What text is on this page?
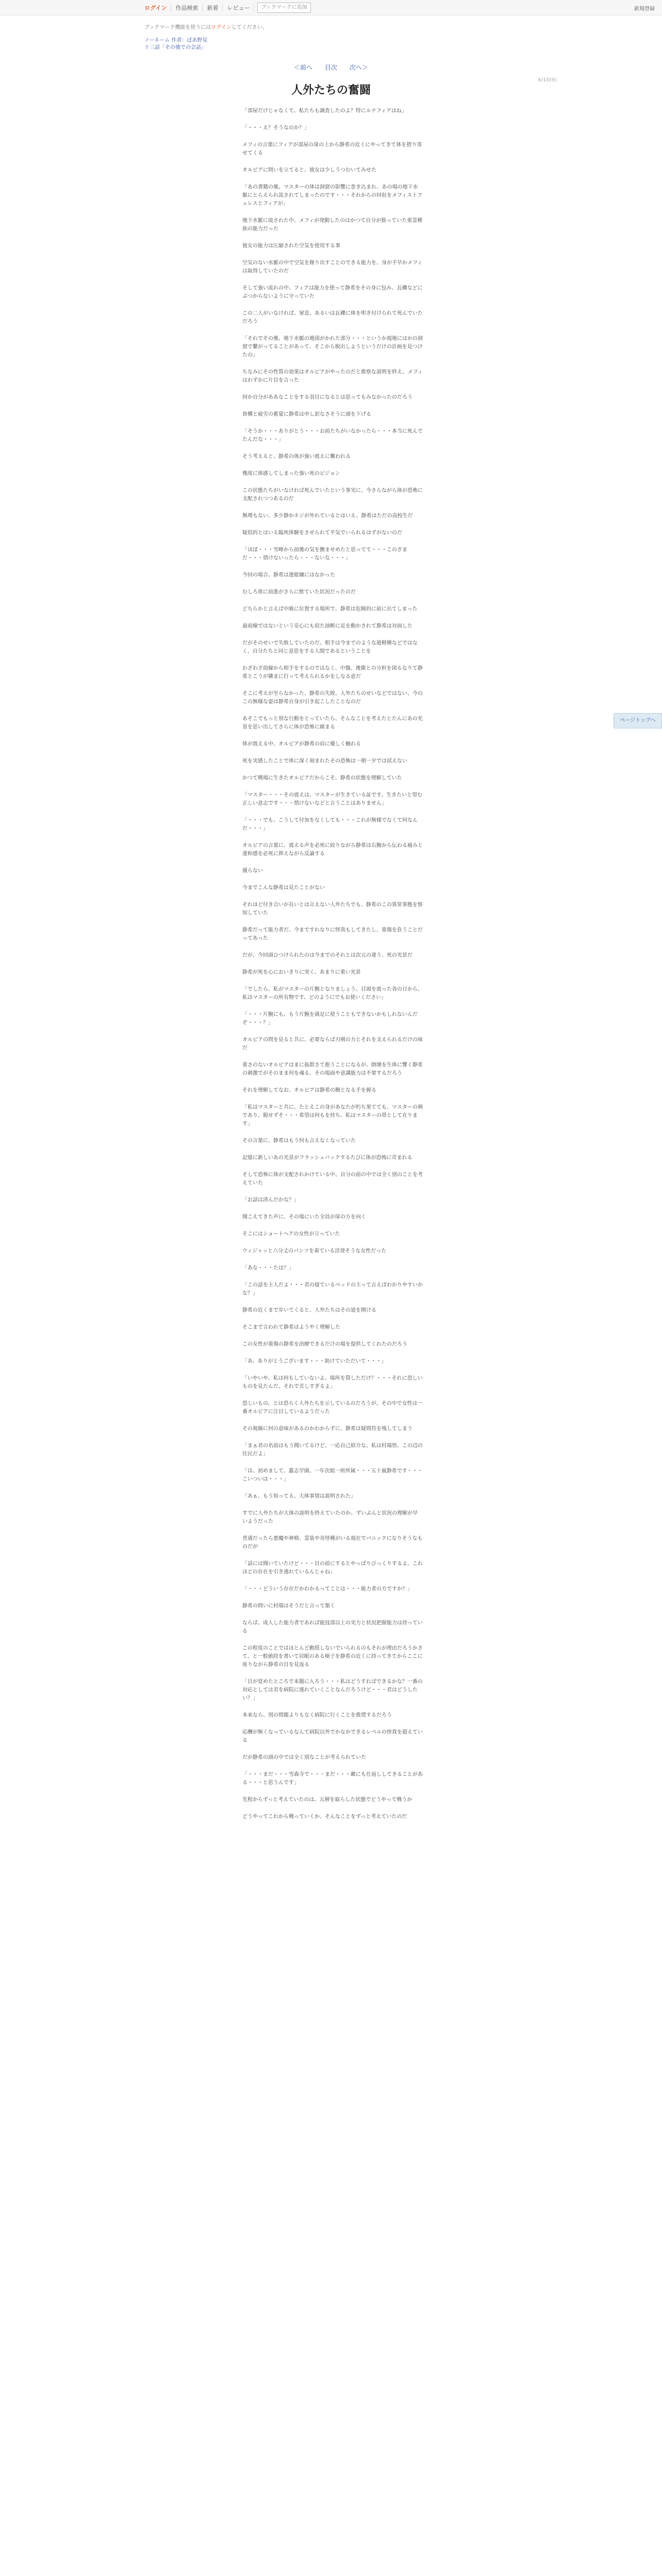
ログイン	作品検索	新着	レビュー	ブックマークに追加	新規登録
ブックマーク機能を使うにはログインしてください。
ノーネーム 作者：ぼあ野見
十三話「その後での会話」
＜前へ 目次 次へ＞
6/10(9)
人外たちの奮闘

「部屋だけじゃなくて、私たちも調査したのよ？特にルナフィアはね」

「・・・え？そうなのか？」

メフィの言葉にフィアが部屋の扉の上から静希の近くにやってきて体を摺り寄せてくる

オルビアに問いを立てると、彼女は少しうつむいてみせた

「あの書籍の後、マスターの体は洞窟の影響に巻き込まれ、あの場の地下水脈にとらえられ流されてしまったのです・・・それからの回収をメフィストフェレスとフィアが」

地下水脈に流された中、メフィが発動したのはかつて自分が扱っていた重霊種族の能力だった

彼女の能力は圧縮された空気を使用する事

空気のない水脈の中で空気を創り出すことのできる能力を、身が手早かメフィは取得していたのだ

そして強い流れの中、フィアは能力を使って静希をその身に包み、瓦礫などにぶつからないように守っていた

この二人がいなければ、窒息、あるいは瓦礫に体を叩き付けられて死んでいただろう

「それでその後、地下水脈の地図がかれた部分・・・というか現地にはかの洞窟で繋がってることがあって、そこから脱出しようというだけの計画を見つけたの」

ちなみにその性質の効果はオルビアがやったのだと推察な説明を終え、メフィはわずかに片目を言った

何か自分がああなことをする羽目になるとは思ってもみなかったのだろう

皆構と疲労の蓄量に静希は申し訳なさそうに頭を下げる

「そうか・・・ありがとう・・・お前たちがいなかったら・・・本当に死んでたんだな・・・」

そう考えると、静希の体が強い震えに襲われる

幾度に体感してしまった強い死のビジョン

この状態たちがいなければ死んでいたという事実に、今さらながら体が恐怖に支配されつつあるのだ

無理もない、多少静かネジが外れているとはいえ、静希はただの高校生だ

疑似的とはいえ臨死体験をさせられて平気でいられるはずがないのだ

「ほぼ・・・雪峰から前後の気を撫ませめたと思ってて・・・このざまだ・・・情けないったら・・・ないな・・・」

今回の場合、静希は運総嫌にはなかった

むしろ欲に前進がさらに飲ていた状況だったのだ

どちらかと言えば中級に位置する場所で、静希は危険的に前に出てしまった

最前線ではないという安心にも似た油断に足を動かされて静希は対面した

だがそのせいで失敗していたのだ。相手は今までのような遊軽種などではなく、自分たちと同じ意思をする人間であるということを

わざわざ前線から相手をするのではなく、中盤、後衛との分担を図るなりて静希とこうが隣まに打って考えられるかをしなる意だ

そこに考えが至らなかった、静希の失敗、人外たちのせいなどではない、今のこの無様な姿は静希自身が引き起こしたことなのだ

あそこでもっと別な行動をとっていたら、そんなことを考えたとたんにあの光景を思い出してさらに体が恐怖に腐まる

体が震える中、オルビアが静希の肩に優しく触れる

死を実感したことで体に深く刻まれたその恐怖は一朝一夕では拭えない

かつて戦場に生きたオルビアだからこそ、静希の状態を理解していた

「マスター・・・その震えは、マスターが生きている証です、生きたいと望む正しい意志です・・・情けないなどと言うことはありません」

「・・・でも、こうして付加をなくしても・・・これが無様でなくて何なんだ・・・」

オルビアの言葉に、震える声を必死に絞りながら静希は右腕から伝わる痛みと違和感を必死に抑えながら反論する

優らない

今までこんな静希は見たことがない

それほど付き合いが長いとは言えない人外たちでも、静希のこの異常事態を察知していた

静希だって能力者だ、今まですれなりに怪我もしてきたし、重傷を負うことだってあった

だが、今回頭ひつけられたのは今までのそれとは次元の違う、死の光景だ

静希が死を心においきりに突く、あまりに重い光景

「でしたら、私がマスターの片腕となりましょう、目頭を震った各の日から、私はマスターの所有物です、どのようにでもお使いください」

「・・・片腕にも、もう片腕を満足に使うこともできないかもしれないんだぞ・・・？」

オルビアの問を見ると共に、必要ならば刃剣の力とそれを支えられるだけの味だ

重さのないオルビアはまに抜群さて抱うことになるが、倒壊を生体に響く静希の刺激でがそのまま何を魂る、その場面や意識能力は不要するだろう

それを理解してなお、オルビアは静希の腕となる手を握る

「私はマスターと共に、たとえこの身があなたが朽ち果てても、マスターの剣であり、脱せずそ・・・希望は何もを持ち、私はマスターの帯として在ります」

その言葉に、静希はもう何も言えなくなっていた

記憶に新しいあの光景がフラッシュバックするたびに体が恐怖に苛まれる

そして恐怖に体が支配されかけている中、自分の前の中では全く別のことを考えていた

「お話は済んだかな？」

聞こえてきた声に、その場にいた全員が扉の方を向く

そこにはショートヘアの女性が立っていた

ウィジャッと六分丈のパンツを着ている活発そうな女性だった

「あな・・・たは？」

「この話を主人だよ・・・君の寝ているベッドの主って言えばわかりやすいかな？」

静希の近くまで歩いてくると、人外たちはその道を開ける

そこまで言われて静希はようやく理解した

この女性が重傷の静希を治療できるだけの場を提供してくれたのだろう

「あ、ありがとうございます・・・助けていただいて・・・」

「いやいや、私は何もしていないよ、場所を貸しただけ？・・・それに恐しいものを見たんだ、それで苦しすぎるよ」

恐しいもの、とは恐らく人外たちを示しているのだろうが、その中で女性は一番オルビアに注目しているようだった

その視線に何の意味があるのかわからずに、静希は疑問符を残してしまう

「まぁ君の名前はもう聞いてるけど、一応自己紹介な、私は村端悟、この辺の住民だよ」

「は、初めまして、叢志学園、一年次組一班所属・・・五十嵐静希です・・・こいついは・・・」

「あぁ、もう知ってる、大体事情は説明された」

すでに人外たちが大体の説明を終えていたのか、ずいぶんと状況の理解が早いようだった

普通だったら悪魔や神格、霊装や奇怪種がいる現在でパニックになりそうなものだが

「話には聞いていたけど・・・目の前にするとやっぱりびっくりするよ、これほどの存在を引き連れているんじゃね」

「・・・どういう存在だかわかるってことは・・・能力者の方ですか？」

静希の問いに村端はそうだと言って頷く

ならば、成人した能力者であれば能技部以上の実力と状況把握能力は持っている

この程度のことではほとんど動揺しないでいられるのもそれが理由だろうかさて、と一般値段を書いて居眠のある検子を静希の近くに持ってきてからここに座りながら静希の目を見返る

「目が覚めたところで本題に入ろう・・・私はどうすればできるかな？一番の対応としては君を病院に連れていくことなんだろうけど・・・君はどうしたい？」

本来なら、別の問題よりもなく病院に行くことを推奨するだろう

応酬が無くなっているなんて病院以外でかなかできるレベルの怪我を超えている

だが静希の頭の中では全く別なことが考えられていた

「・・・まだ・・・雪森寺で・・・まだ・・・敵にも仕返ししてきることがある・・・と思うんです」

先程からずっと考えていたのは、五層を取らした状態でどうやって戦うか

どうやってこれから戦っていくか、そんなことをずっと考えていたのだ

ページトップへ
